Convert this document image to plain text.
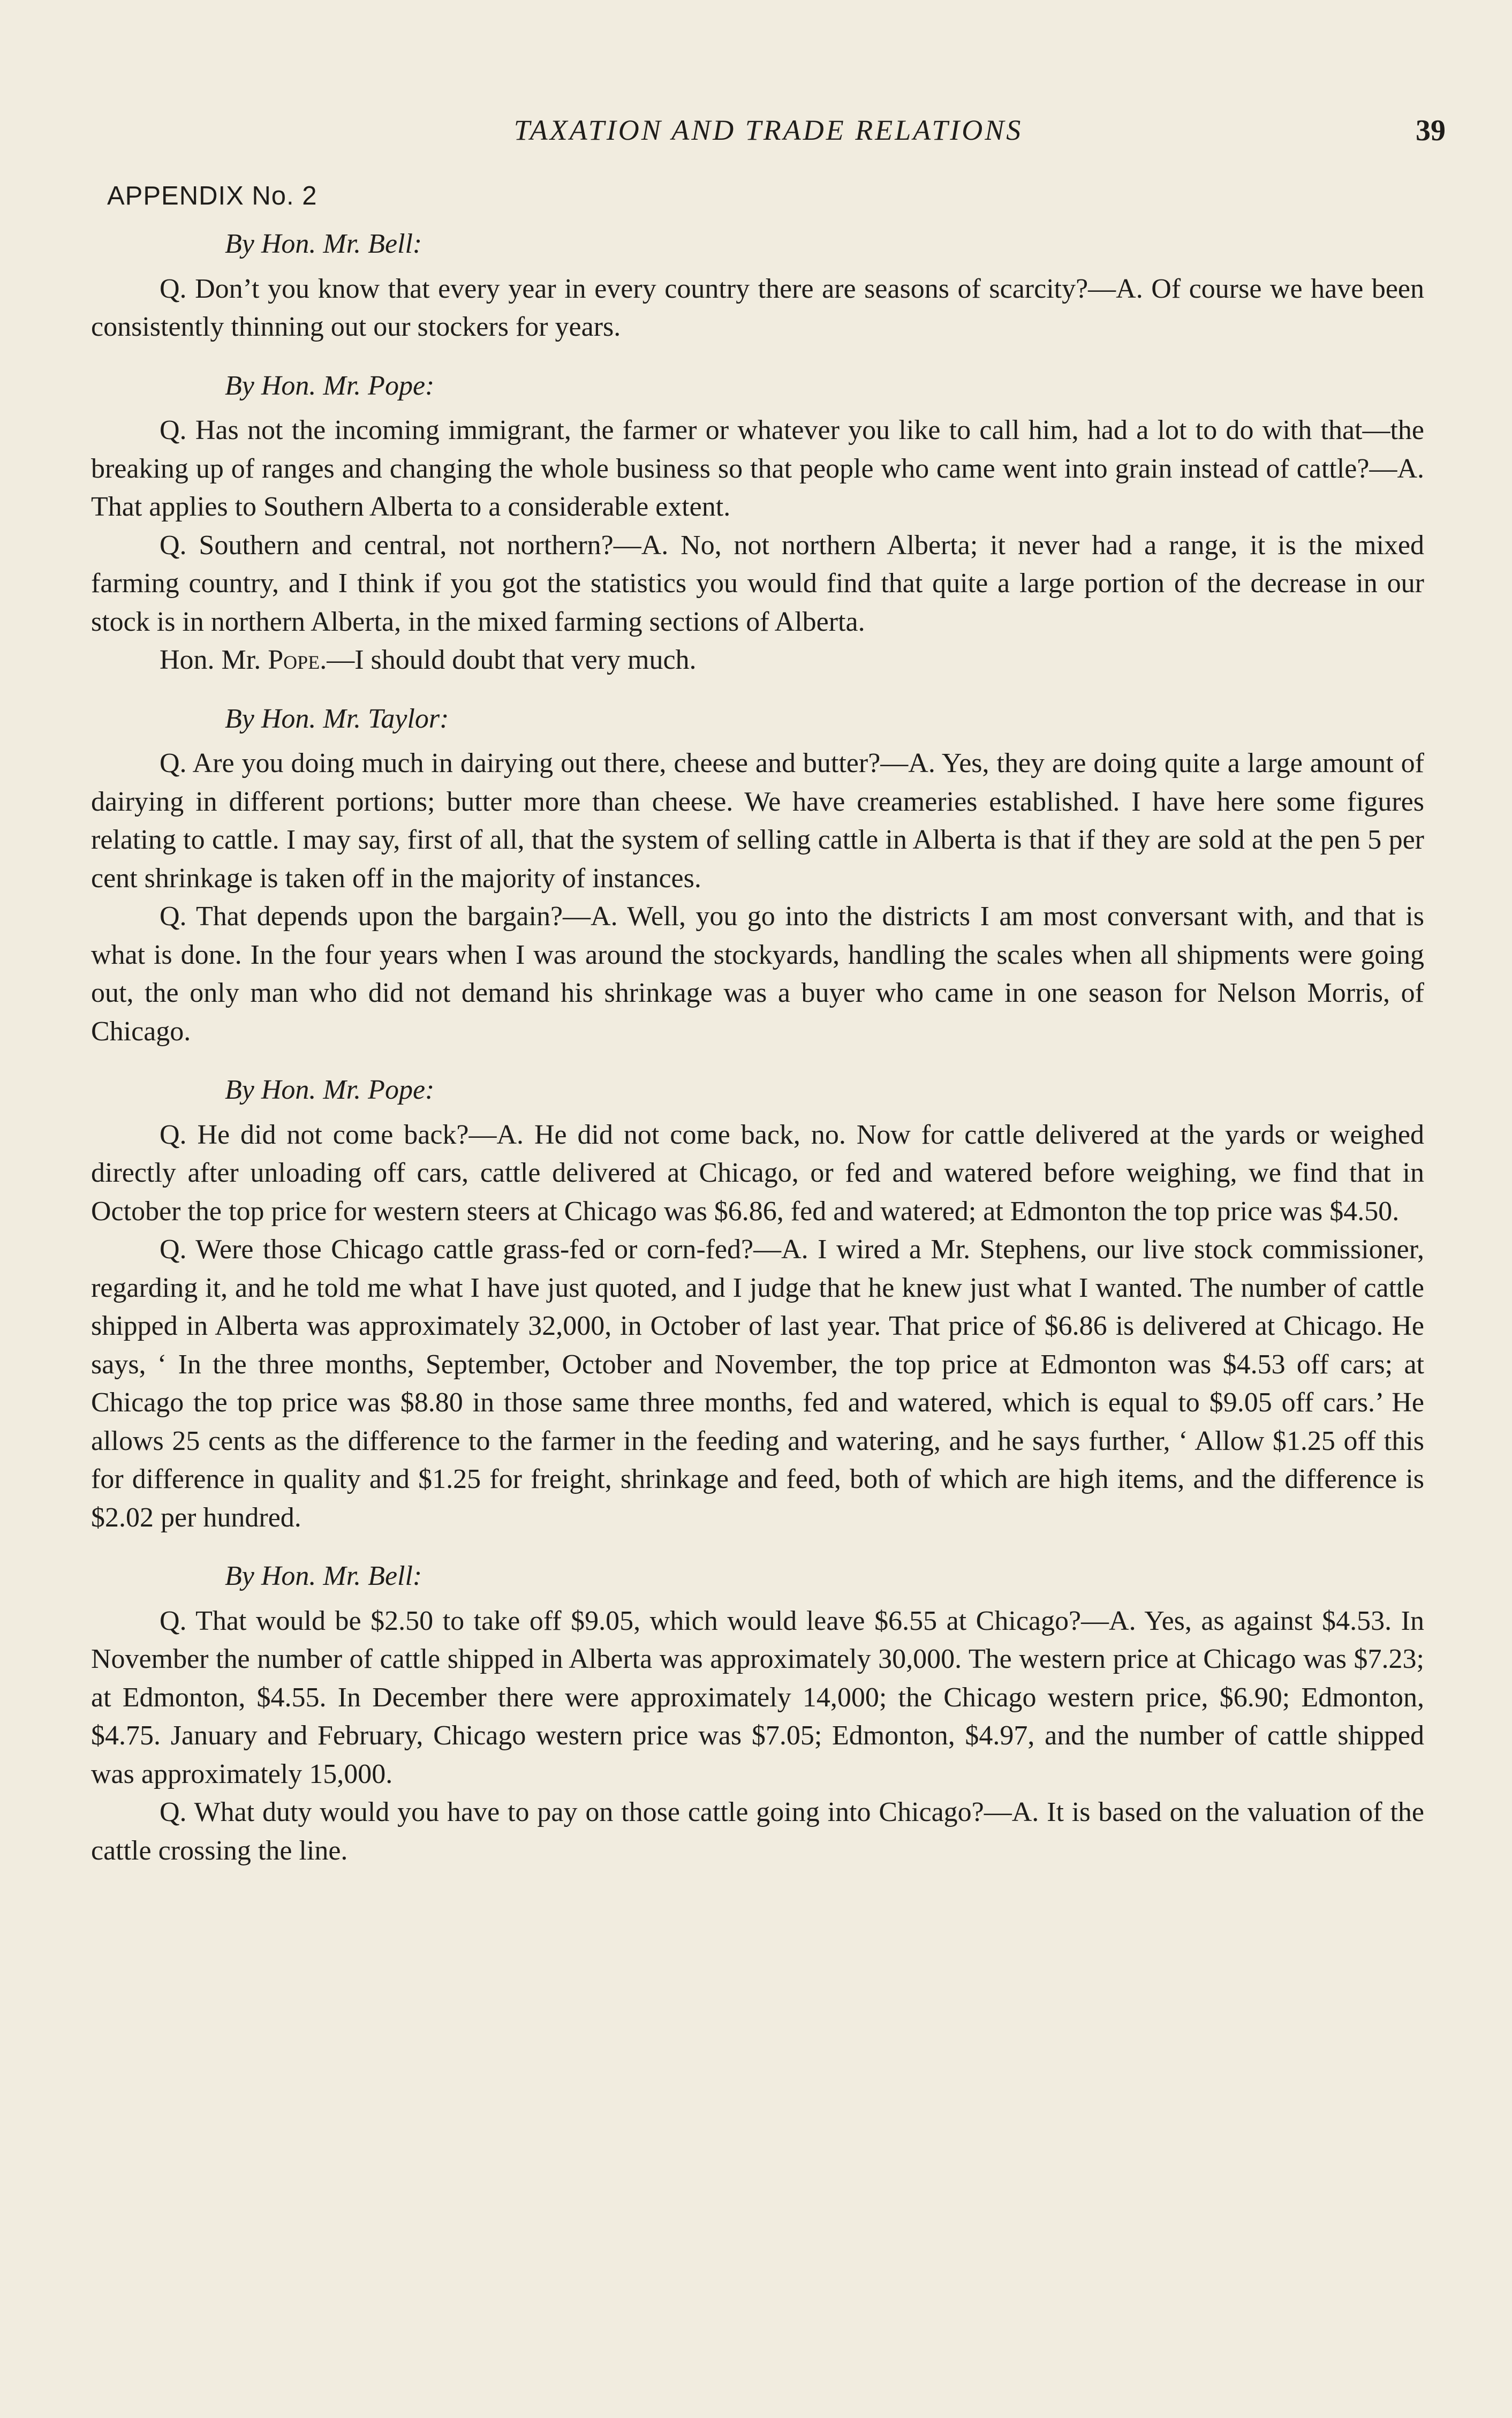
TAXATION AND TRADE RELATIONS	39
APPENDIX No. 2
By Hon. Mr. Bell:

Q. Don’t you know that every year in every country there are seasons of scarcity?—A. Of course we have been consistently thinning out our stockers for years.

By Hon. Mr. Pope:

Q. Has not the incoming immigrant, the farmer or whatever you like to call him, had a lot to do with that—the breaking up of ranges and changing the whole business so that people who came went into grain instead of cattle?—A. That applies to Southern Alberta to a considerable extent.

Q. Southern and central, not northern?—A. No, not northern Alberta; it never had a range, it is the mixed farming country, and I think if you got the statistics you would find that quite a large portion of the decrease in our stock is in northern Alberta, in the mixed farming sections of Alberta.

Hon. Mr. Pope.—I should doubt that very much.

By Hon. Mr. Taylor:

Q. Are you doing much in dairying out there, cheese and butter?—A. Yes, they are doing quite a large amount of dairying in different portions; butter more than cheese. We have creameries established. I have here some figures relating to cattle. I may say, first of all, that the system of selling cattle in Alberta is that if they are sold at the pen 5 per cent shrinkage is taken off in the majority of instances.

Q. That depends upon the bargain?—A. Well, you go into the districts I am most conversant with, and that is what is done. In the four years when I was around the stockyards, handling the scales when all shipments were going out, the only man who did not demand his shrinkage was a buyer who came in one season for Nelson Morris, of Chicago.

By Hon. Mr. Pope:

Q. He did not come back?—A. He did not come back, no. Now for cattle delivered at the yards or weighed directly after unloading off cars, cattle delivered at Chicago, or fed and watered before weighing, we find that in October the top price for western steers at Chicago was $6.86, fed and watered; at Edmonton the top price was $4.50.

Q. Were those Chicago cattle grass-fed or corn-fed?—A. I wired a Mr. Stephens, our live stock commissioner, regarding it, and he told me what I have just quoted, and I judge that he knew just what I wanted. The number of cattle shipped in Alberta was approximately 32,000, in October of last year. That price of $6.86 is delivered at Chicago. He says, ‘ In the three months, September, October and November, the top price at Edmonton was $4.53 off cars; at Chicago the top price was $8.80 in those same three months, fed and watered, which is equal to $9.05 off cars.’ He allows 25 cents as the difference to the farmer in the feeding and watering, and he says further, ‘ Allow $1.25 off this for difference in quality and $1.25 for freight, shrinkage and feed, both of which are high items, and the difference is $2.02 per hundred.

By Hon. Mr. Bell:

Q. That would be $2.50 to take off $9.05, which would leave $6.55 at Chicago?—A. Yes, as against $4.53. In November the number of cattle shipped in Alberta was approximately 30,000. The western price at Chicago was $7.23; at Edmonton, $4.55. In December there were approximately 14,000; the Chicago western price, $6.90; Edmonton, $4.75. January and February, Chicago western price was $7.05; Edmonton, $4.97, and the number of cattle shipped was approximately 15,000.

Q. What duty would you have to pay on those cattle going into Chicago?—A. It is based on the valuation of the cattle crossing the line.
